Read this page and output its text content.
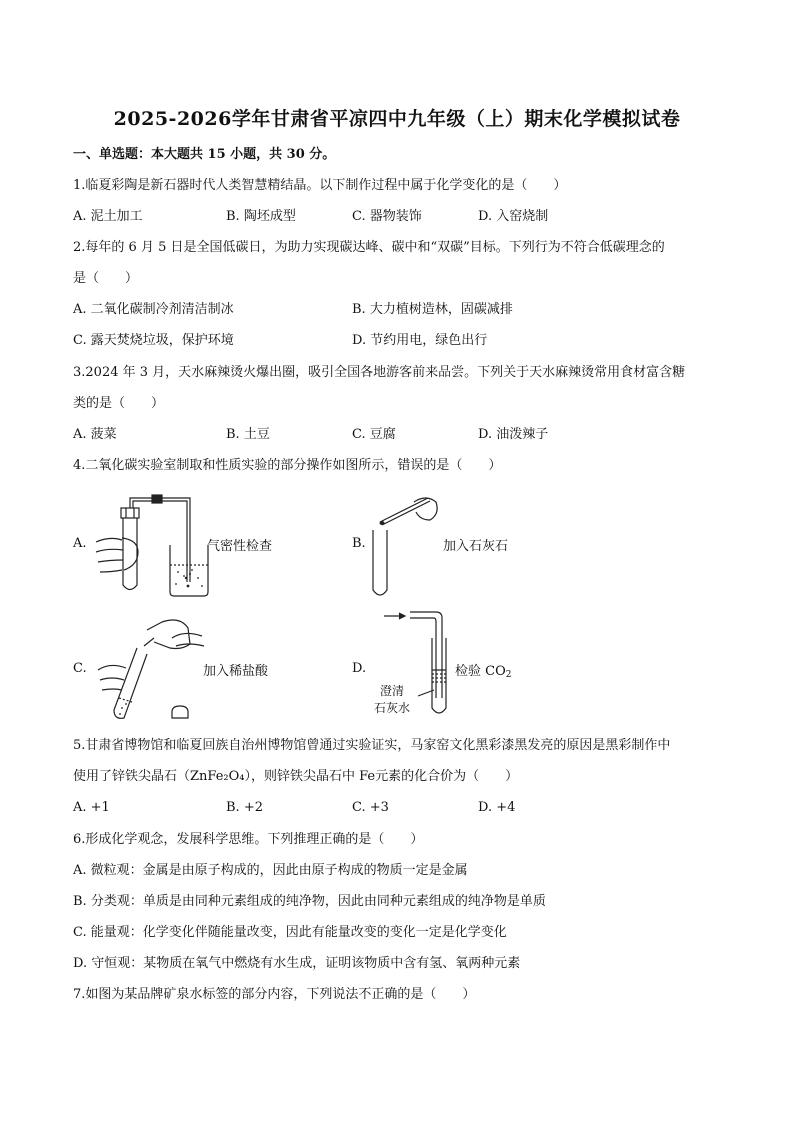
2025-2026学年甘肃省平凉四中九年级（上）期末化学模拟试卷
一、单选题：本大题共 15 小题，共 30 分。
1.临夏彩陶是新石器时代人类智慧精结晶。以下制作过程中属于化学变化的是（　　）
A. 泥土加工	B. 陶坯成型	C. 器物装饰	D. 入窑烧制
2.每年的 6 月 5 日是全国低碳日，为助力实现碳达峰、碳中和“双碳”目标。下列行为不符合低碳理念的
是（　　）
A. 二氧化碳制冷剂清洁制冰	B. 大力植树造林，固碳减排
C. 露天焚烧垃圾，保护环境	D. 节约用电，绿色出行
3.2024 年 3 月，天水麻辣烫火爆出圈，吸引全国各地游客前来品尝。下列关于天水麻辣烫常用食材富含糖
类的是（　　）
A. 菠菜	B. 土豆	C. 豆腐	D. 油泼辣子
4.二氧化碳实验室制取和性质实验的部分操作如图所示，错误的是（　　）
A.	气密性检查	B.	加入石灰石
C.	加入稀盐酸	D.	检验 $CO_2$
澄清
石灰水
5.甘肃省博物馆和临夏回族自治州博物馆曾通过实验证实，马家窑文化黑彩漆黑发亮的原因是黑彩制作中
使用了锌铁尖晶石（ZnFe₂O₄），则锌铁尖晶石中 Fe元素的化合价为（　　）
A. +1	B. +2	C. +3	D. +4
6.形成化学观念，发展科学思维。下列推理正确的是（　　）
A. 微粒观：金属是由原子构成的，因此由原子构成的物质一定是金属
B. 分类观：单质是由同种元素组成的纯净物，因此由同种元素组成的纯净物是单质
C. 能量观：化学变化伴随能量改变，因此有能量改变的变化一定是化学变化
D. 守恒观：某物质在氧气中燃烧有水生成，证明该物质中含有氢、氧两种元素
7.如图为某品牌矿泉水标签的部分内容，下列说法不正确的是（　　）
